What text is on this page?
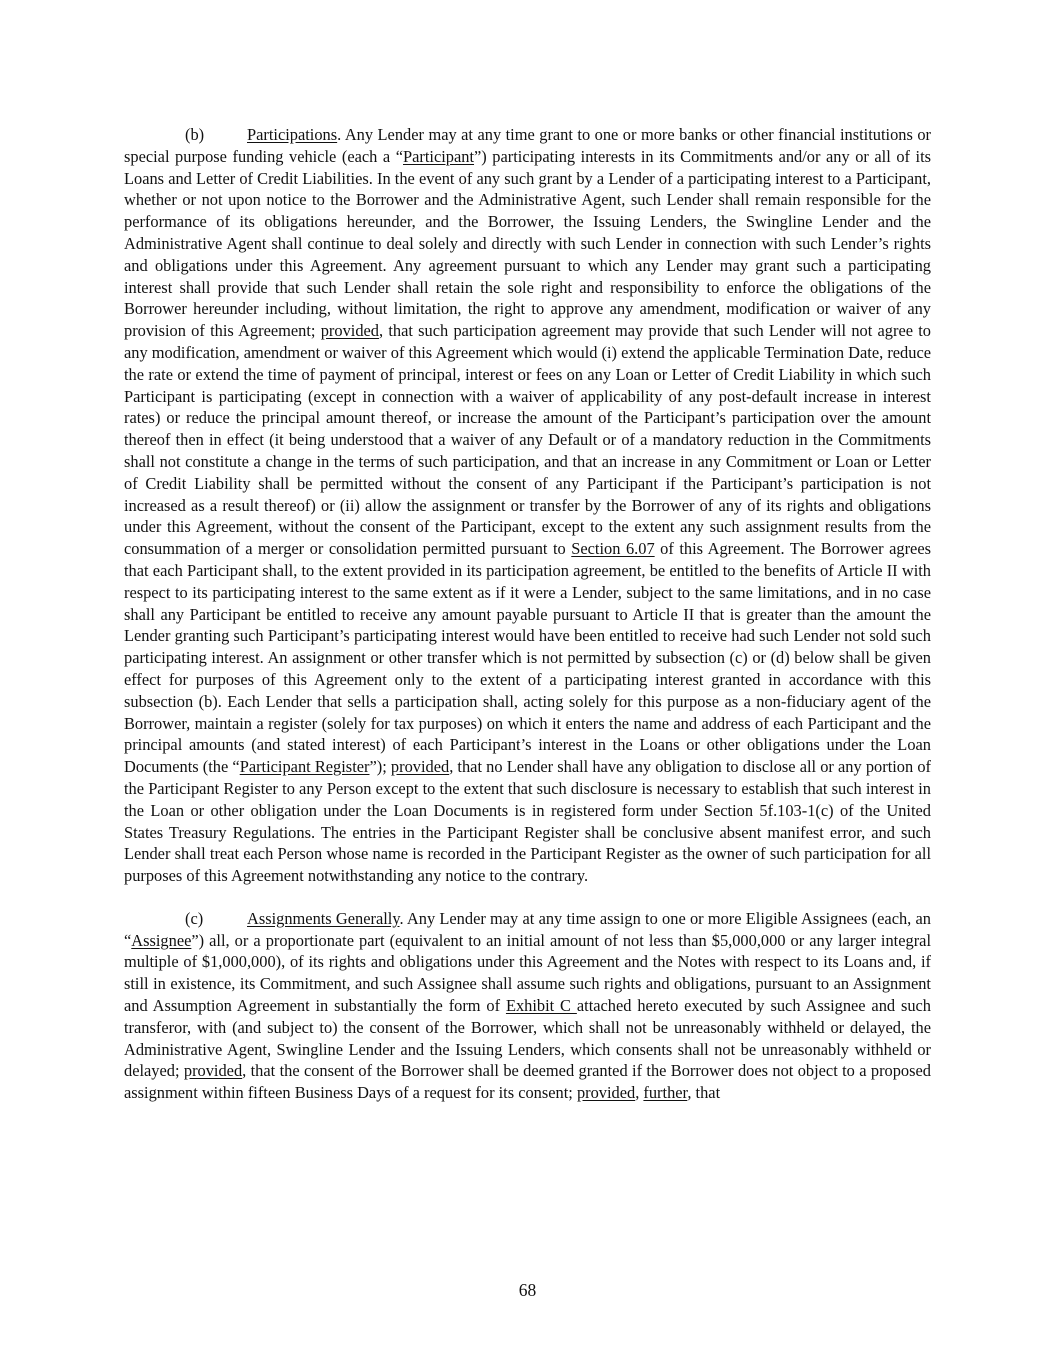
(b)	Participations. Any Lender may at any time grant to one or more banks or other financial institutions or special purpose funding vehicle (each a “Participant”) participating interests in its Commitments and/or any or all of its Loans and Letter of Credit Liabilities. In the event of any such grant by a Lender of a participating interest to a Participant, whether or not upon notice to the Borrower and the Administrative Agent, such Lender shall remain responsible for the performance of its obligations hereunder, and the Borrower, the Issuing Lenders, the Swingline Lender and the Administrative Agent shall continue to deal solely and directly with such Lender in connection with such Lender’s rights and obligations under this Agreement. Any agreement pursuant to which any Lender may grant such a participating interest shall provide that such Lender shall retain the sole right and responsibility to enforce the obligations of the Borrower hereunder including, without limitation, the right to approve any amendment, modification or waiver of any provision of this Agreement; provided, that such participation agreement may provide that such Lender will not agree to any modification, amendment or waiver of this Agreement which would (i) extend the applicable Termination Date, reduce the rate or extend the time of payment of principal, interest or fees on any Loan or Letter of Credit Liability in which such Participant is participating (except in connection with a waiver of applicability of any post-default increase in interest rates) or reduce the principal amount thereof, or increase the amount of the Participant’s participation over the amount thereof then in effect (it being understood that a waiver of any Default or of a mandatory reduction in the Commitments shall not constitute a change in the terms of such participation, and that an increase in any Commitment or Loan or Letter of Credit Liability shall be permitted without the consent of any Participant if the Participant’s participation is not increased as a result thereof) or (ii) allow the assignment or transfer by the Borrower of any of its rights and obligations under this Agreement, without the consent of the Participant, except to the extent any such assignment results from the consummation of a merger or consolidation permitted pursuant to Section 6.07 of this Agreement. The Borrower agrees that each Participant shall, to the extent provided in its participation agreement, be entitled to the benefits of Article II with respect to its participating interest to the same extent as if it were a Lender, subject to the same limitations, and in no case shall any Participant be entitled to receive any amount payable pursuant to Article II that is greater than the amount the Lender granting such Participant’s participating interest would have been entitled to receive had such Lender not sold such participating interest. An assignment or other transfer which is not permitted by subsection (c) or (d) below shall be given effect for purposes of this Agreement only to the extent of a participating interest granted in accordance with this subsection (b). Each Lender that sells a participation shall, acting solely for this purpose as a non-fiduciary agent of the Borrower, maintain a register (solely for tax purposes) on which it enters the name and address of each Participant and the principal amounts (and stated interest) of each Participant’s interest in the Loans or other obligations under the Loan Documents (the “Participant Register”); provided, that no Lender shall have any obligation to disclose all or any portion of the Participant Register to any Person except to the extent that such disclosure is necessary to establish that such interest in the Loan or other obligation under the Loan Documents is in registered form under Section 5f.103-1(c) of the United States Treasury Regulations. The entries in the Participant Register shall be conclusive absent manifest error, and such Lender shall treat each Person whose name is recorded in the Participant Register as the owner of such participation for all purposes of this Agreement notwithstanding any notice to the contrary.

(c)	Assignments Generally. Any Lender may at any time assign to one or more Eligible Assignees (each, an “Assignee”) all, or a proportionate part (equivalent to an initial amount of not less than $5,000,000 or any larger integral multiple of $1,000,000), of its rights and obligations under this Agreement and the Notes with respect to its Loans and, if still in existence, its Commitment, and such Assignee shall assume such rights and obligations, pursuant to an Assignment and Assumption Agreement in substantially the form of Exhibit C attached hereto executed by such Assignee and such transferor, with (and subject to) the consent of the Borrower, which shall not be unreasonably withheld or delayed, the Administrative Agent, Swingline Lender and the Issuing Lenders, which consents shall not be unreasonably withheld or delayed; provided, that the consent of the Borrower shall be deemed granted if the Borrower does not object to a proposed assignment within fifteen Business Days of a request for its consent; provided, further, that

68
